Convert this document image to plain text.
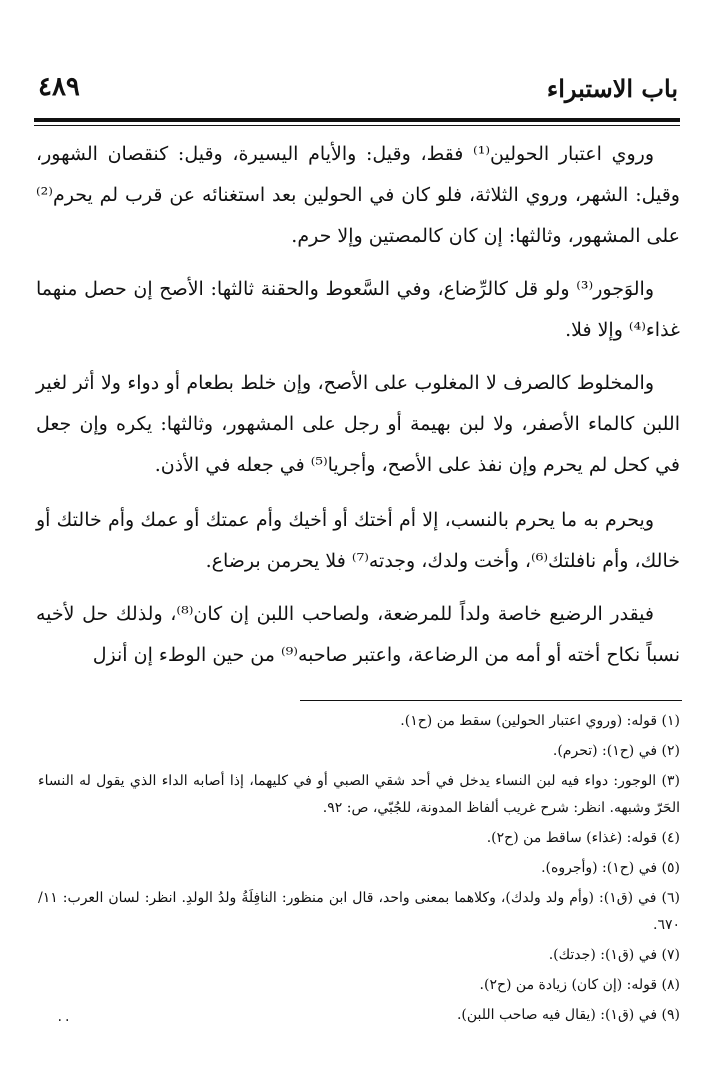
باب الاستبراء
٤٨٩

وروي اعتبار الحولين⁽¹⁾ فقط، وقيل: والأيام اليسيرة، وقيل: كنقصان الشهور، وقيل: الشهر، وروي الثلاثة، فلو كان في الحولين بعد استغنائه عن قرب لم يحرم⁽²⁾ على المشهور، وثالثها: إن كان كالمصتين وإلا حرم.

والوَجور⁽³⁾ ولو قل كالرِّضاع، وفي السَّعوط والحقنة ثالثها: الأصح إن حصل منهما غذاء⁽⁴⁾ وإلا فلا.

والمخلوط كالصرف لا المغلوب على الأصح، وإن خلط بطعام أو دواء ولا أثر لغير اللبن كالماء الأصفر، ولا لبن بهيمة أو رجل على المشهور، وثالثها: يكره وإن جعل في كحل لم يحرم وإن نفذ على الأصح، وأجريا⁽⁵⁾ في جعله في الأذن.

ويحرم به ما يحرم بالنسب، إلا أم أختك أو أخيك وأم عمتك أو عمك وأم خالتك أو خالك، وأم نافلتك⁽⁶⁾، وأخت ولدك، وجدته⁽⁷⁾ فلا يحرمن برضاع.

فيقدر الرضيع خاصة ولداً للمرضعة، ولصاحب اللبن إن كان⁽⁸⁾، ولذلك حل لأخيه نسباً نكاح أخته أو أمه من الرضاعة، واعتبر صاحبه⁽⁹⁾ من حين الوطء إن أنزل

(١) قوله: (وروي اعتبار الحولين) سقط من (ح١).

(٢) في (ح١): (تحرم).

(٣) الوجور: دواء فيه لبن النساء يدخل في أحد شقي الصبي أو في كليهما، إذا أصابه الداء الذي يقول له النساء الحَرّ وشبهه. انظر: شرح غريب ألفاظ المدونة، للجُبّي، ص: ٩٢.

(٤) قوله: (غذاء) ساقط من (ح٢).

(٥) في (ح١): (وأجروه).

(٦) في (ق١): (وأم ولد ولدك)، وكلاهما بمعنى واحد، قال ابن منظور: النافِلَةُ ولدُ الولدِ. انظر: لسان العرب: ١١/ ٦٧٠.

(٧) في (ق١): (جدتك).

(٨) قوله: (إن كان) زيادة من (ح٢).

(٩) في (ق١): (يقال فيه صاحب اللبن).

٠٠
